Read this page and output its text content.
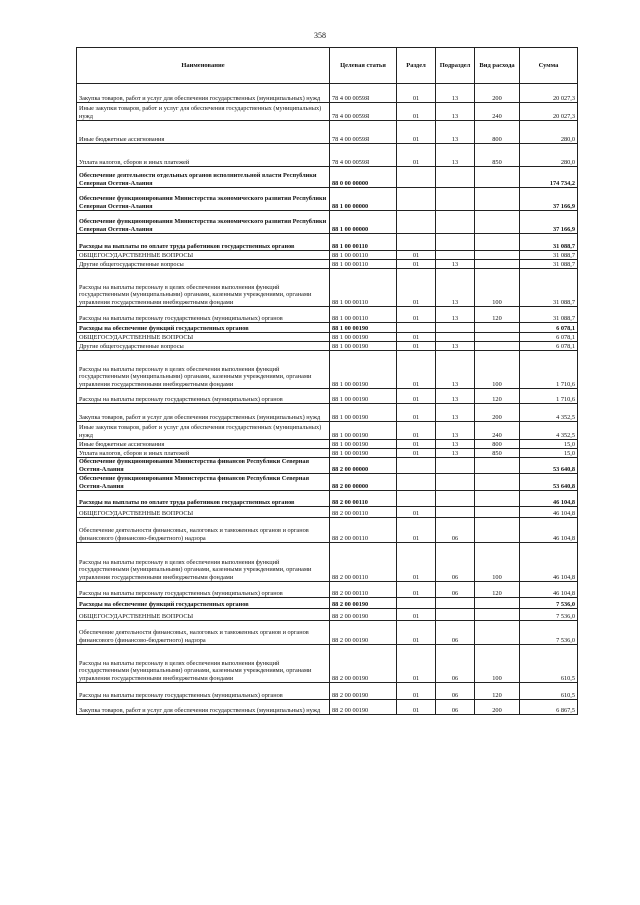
358
Наименование	Целевая статья	Раздел	Подраздел	Вид расхода	Сумма
Закупка товаров, работ и услуг для обеспечения государственных (муниципальных) нужд	78 4 00 0059Я	01	13	200	20 027,3
Иные закупки товаров, работ и услуг для обеспечения государственных (муниципальных) нужд	78 4 00 0059Я	01	13	240	20 027,3
Иные бюджетные ассигнования	78 4 00 0059Я	01	13	800	280,0
Уплата налогов, сборов и иных платежей	78 4 00 0059Я	01	13	850	280,0
Обеспечение деятельности отдельных органов исполнительной власти Республики Северная Осетия-Алания	88 0 00 00000				174 734,2
Обеспечение функционирования Министерства экономического развития Республики Северная Осетия-Алания	88 1 00 00000				37 166,9
Обеспечение функционирования Министерства экономического развития Республики Северная Осетия-Алания	88 1 00 00000				37 166,9
Расходы на выплаты по оплате труда работников государственных органов	88 1 00 00110				31 088,7
ОБЩЕГОСУДАРСТВЕННЫЕ ВОПРОСЫ	88 1 00 00110	01			31 088,7
Другие общегосударственные вопросы	88 1 00 00110	01	13		31 088,7
Расходы на выплаты персоналу в целях обеспечения выполнения функций государственными (муниципальными) органами, казенными учреждениями, органами управления государственными внебюджетными фондами	88 1 00 00110	01	13	100	31 088,7
Расходы на выплаты персоналу государственных (муниципальных) органов	88 1 00 00110	01	13	120	31 088,7
Расходы на обеспечение функций государственных органов	88 1 00 00190				6 078,1
ОБЩЕГОСУДАРСТВЕННЫЕ ВОПРОСЫ	88 1 00 00190	01			6 078,1
Другие общегосударственные вопросы	88 1 00 00190	01	13		6 078,1
Расходы на выплаты персоналу в целях обеспечения выполнения функций государственными (муниципальными) органами, казенными учреждениями, органами управления государственными внебюджетными фондами	88 1 00 00190	01	13	100	1 710,6
Расходы на выплаты персоналу государственных (муниципальных) органов	88 1 00 00190	01	13	120	1 710,6
Закупка товаров, работ и услуг для обеспечения государственных (муниципальных) нужд	88 1 00 00190	01	13	200	4 352,5
Иные закупки товаров, работ и услуг для обеспечения государственных (муниципальных) нужд	88 1 00 00190	01	13	240	4 352,5
Иные бюджетные ассигнования	88 1 00 00190	01	13	800	15,0
Уплата налогов, сборов и иных платежей	88 1 00 00190	01	13	850	15,0
Обеспечение функционирования Министерства финансов Республики Северная Осетия-Алания	88 2 00 00000				53 640,8
Обеспечение функционирования Министерства финансов Республики Северная Осетия-Алания	88 2 00 00000				53 640,8
Расходы на выплаты по оплате труда работников государственных органов	88 2 00 00110				46 104,8
ОБЩЕГОСУДАРСТВЕННЫЕ ВОПРОСЫ	88 2 00 00110	01			46 104,8
Обеспечение деятельности финансовых, налоговых и таможенных органов и органов финансового (финансово-бюджетного) надзора	88 2 00 00110	01	06		46 104,8
Расходы на выплаты персоналу в целях обеспечения выполнения функций государственными (муниципальными) органами, казенными учреждениями, органами управления государственными внебюджетными фондами	88 2 00 00110	01	06	100	46 104,8
Расходы на выплаты персоналу государственных (муниципальных) органов	88 2 00 00110	01	06	120	46 104,8
Расходы на обеспечение функций государственных органов	88 2 00 00190				7 536,0
ОБЩЕГОСУДАРСТВЕННЫЕ ВОПРОСЫ	88 2 00 00190	01			7 536,0
Обеспечение деятельности финансовых, налоговых и таможенных органов и органов финансового (финансово-бюджетного) надзора	88 2 00 00190	01	06		7 536,0
Расходы на выплаты персоналу в целях обеспечения выполнения функций государственными (муниципальными) органами, казенными учреждениями, органами управления государственными внебюджетными фондами	88 2 00 00190	01	06	100	610,5
Расходы на выплаты персоналу государственных (муниципальных) органов	88 2 00 00190	01	06	120	610,5
Закупка товаров, работ и услуг для обеспечения государственных (муниципальных) нужд	88 2 00 00190	01	06	200	6 867,5
